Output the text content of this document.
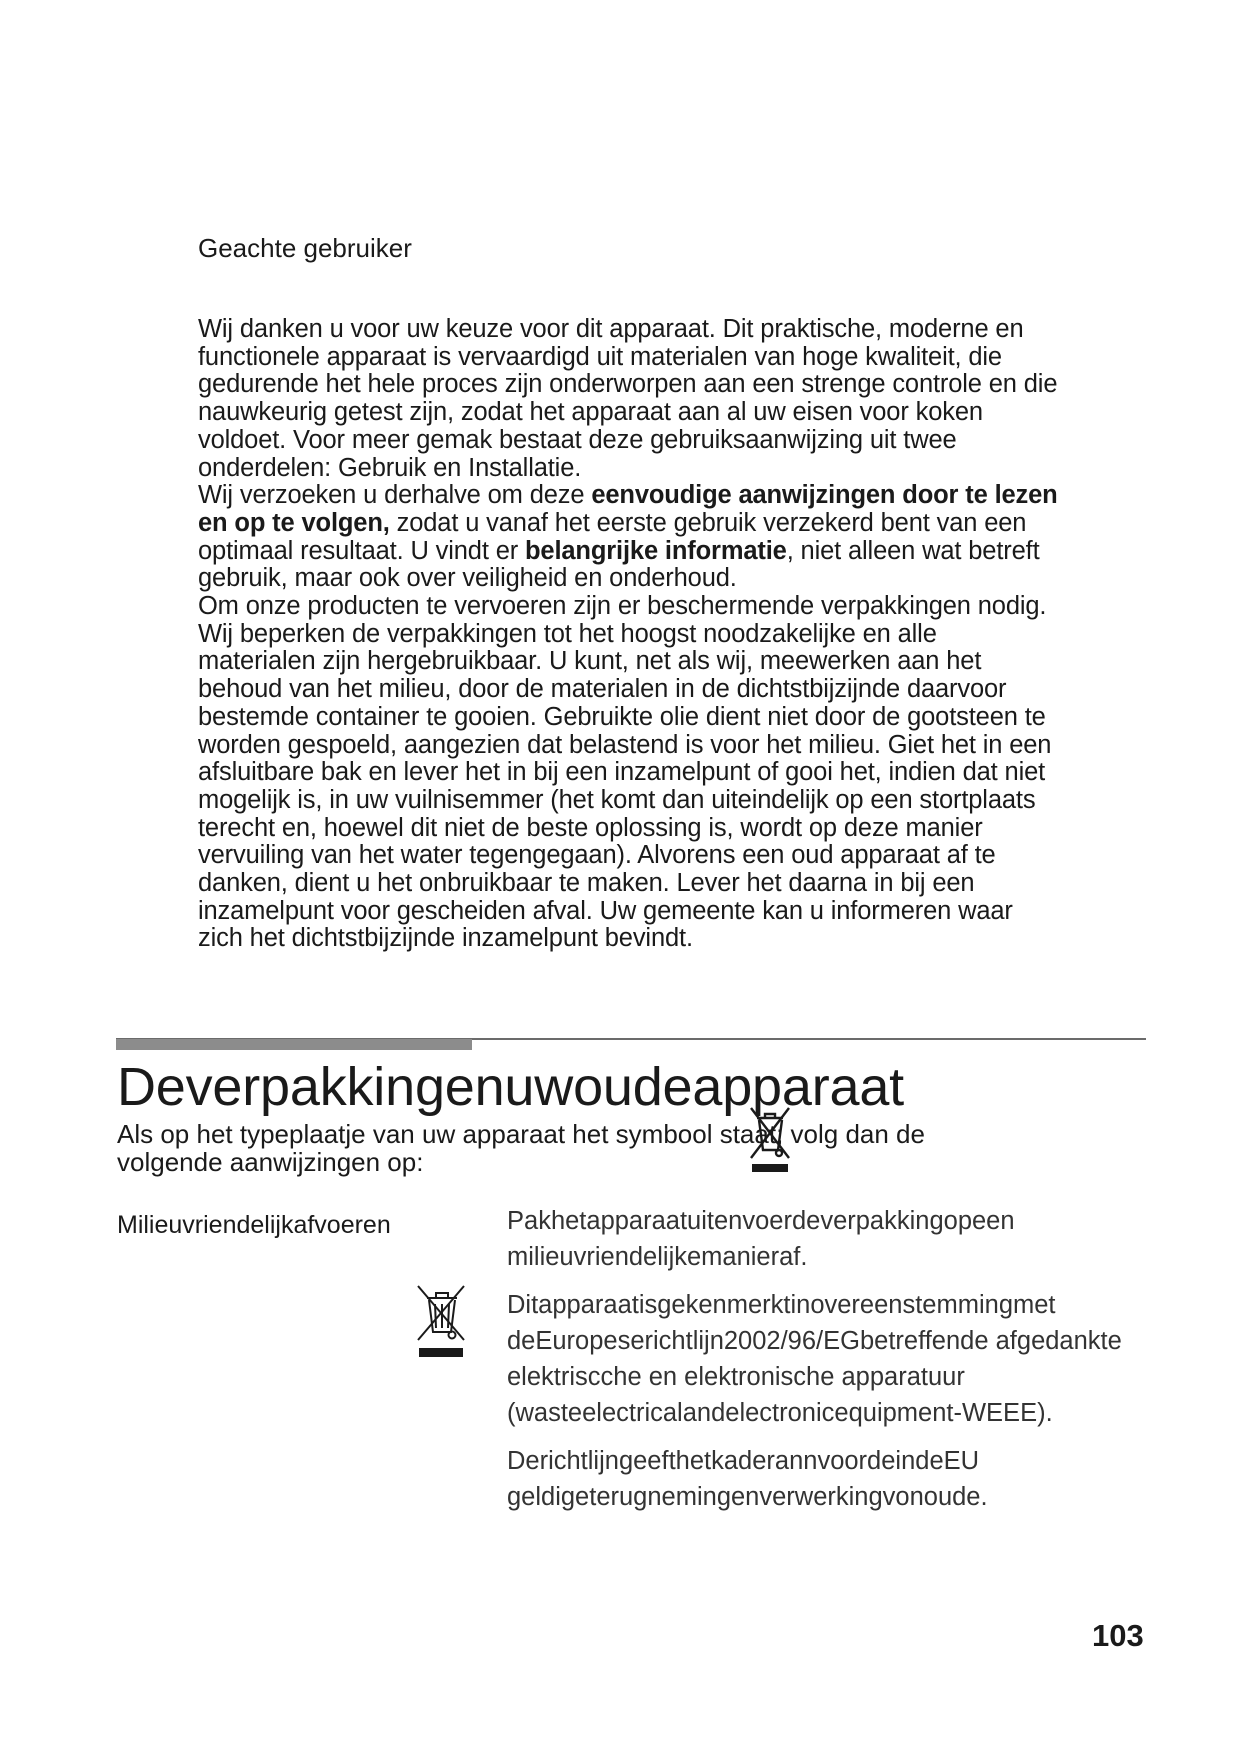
Geachte gebruiker
Wij danken u voor uw keuze voor dit apparaat. Dit praktische, moderne en functionele apparaat is vervaardigd uit materialen van hoge kwaliteit, die gedurende het hele proces zijn onderworpen aan een strenge controle en die nauwkeurig getest zijn, zodat het apparaat aan al uw eisen voor koken voldoet. Voor meer gemak bestaat deze gebruiksaanwijzing uit twee onderdelen: Gebruik en Installatie.
Wij verzoeken u derhalve om deze eenvoudige aanwijzingen door te lezen en op te volgen, zodat u vanaf het eerste gebruik verzekerd bent van een optimaal resultaat. U vindt er belangrijke informatie, niet alleen wat betreft gebruik, maar ook over veiligheid en onderhoud.
Om onze producten te vervoeren zijn er beschermende verpakkingen nodig. Wij beperken de verpakkingen tot het hoogst noodzakelijke en alle materialen zijn hergebruikbaar. U kunt, net als wij, meewerken aan het behoud van het milieu, door de materialen in de dichtstbijzijnde daarvoor bestemde container te gooien. Gebruikte olie dient niet door de gootsteen te worden gespoeld, aangezien dat belastend is voor het milieu. Giet het in een afsluitbare bak en lever het in bij een inzamelpunt of gooi het, indien dat niet mogelijk is, in uw vuilnisemmer (het komt dan uiteindelijk op een stortplaats terecht en, hoewel dit niet de beste oplossing is, wordt op deze manier vervuiling van het water tegengegaan). Alvorens een oud apparaat af te danken, dient u het onbruikbaar te maken. Lever het daarna in bij een inzamelpunt voor gescheiden afval. Uw gemeente kan u informeren waar zich het dichtstbijzijnde inzamelpunt bevindt.
Deverpakkingenuwoudeapparaat

Als op het typeplaatje van uw apparaat het symbool staat; volg dan de volgende aanwijzingen op:

Milieuvriendelijkafvoeren	Pakhetapparaatuitenvoerdeverpakkingopeen milieuvriendelijkemanieraf.

Ditapparaatisgekenmerktinovereenstemmingmet deEuropeserichtlijn2002/96/EGbetreffende afgedankte elektrisсche en elektronische apparatuur (wasteelectricalandelectronicequipment-WEEE).

DerichtlijngeefthetkaderannvoordeindeEU geldigeterugnemingenverwerkingvonoude.

103
